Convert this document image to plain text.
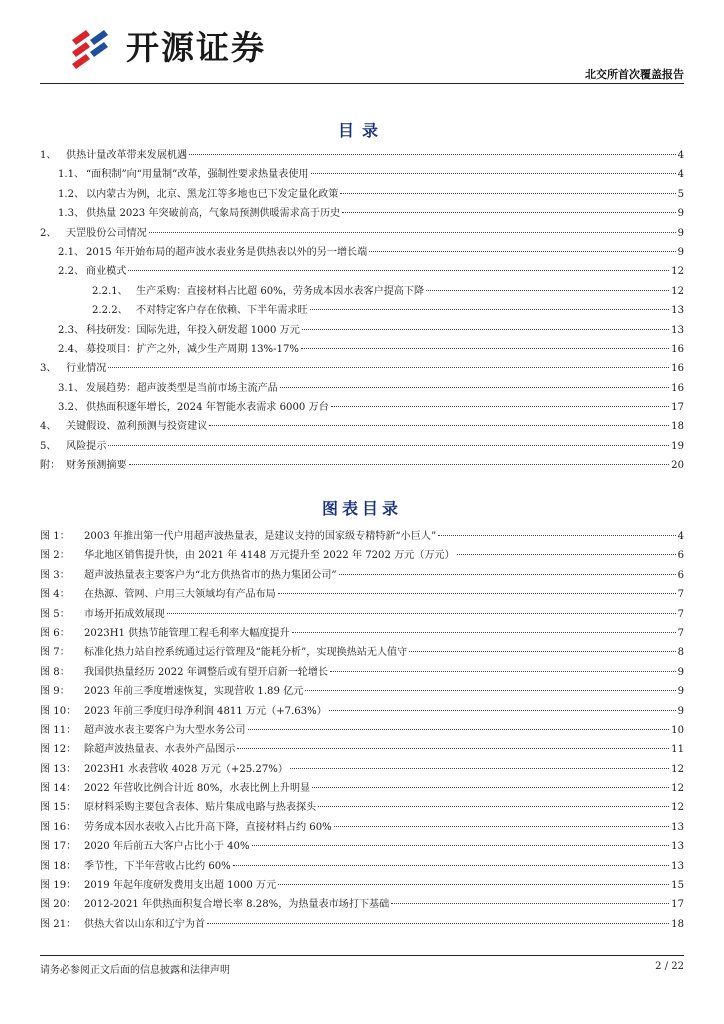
开源证券
北交所首次覆盖报告
目录
1、 供热计量改革带来发展机遇	4
1.1、 “面积制”向“用量制”改革，强制性要求热量表使用	4
1.2、 以内蒙古为例，北京、黑龙江等多地也已下发定量化政策	5
1.3、 供热量 2023 年突破前高，气象局预测供暖需求高于历史	9
2、 天罡股份公司情况	9
2.1、 2015 年开始布局的超声波水表业务是供热表以外的另一增长端	9
2.2、 商业模式	12
2.2.1、 生产采购：直接材料占比超 60%，劳务成本因水表客户提高下降	12
2.2.2、 不对特定客户存在依赖、下半年需求旺	13
2.3、 科技研发：国际先进，年投入研发超 1000 万元	13
2.4、 募投项目：扩产之外，减少生产周期 13%-17%	16
3、 行业情况	16
3.1、 发展趋势：超声波类型是当前市场主流产品	16
3.2、 供热面积逐年增长，2024 年智能水表需求 6000 万台	17
4、 关键假设、盈利预测与投资建议	18
5、 风险提示	19
附： 财务预测摘要	20
图表目录
图 1：	2003 年推出第一代户用超声波热量表，是建议支持的国家级专精特新“小巨人”	4
图 2：	华北地区销售提升快，由 2021 年 4148 万元提升至 2022 年 7202 万元（万元）	6
图 3：	超声波热量表主要客户为“北方供热省市的热力集团公司”	6
图 4：	在热源、管网、户用三大领域均有产品布局	7
图 5：	市场开拓成效展现	7
图 6：	2023H1 供热节能管理工程毛利率大幅度提升	7
图 7：	标准化热力站自控系统通过运行管理及“能耗分析”，实现换热站无人值守	8
图 8：	我国供热量经历 2022 年调整后或有望开启新一轮增长	9
图 9：	2023 年前三季度增速恢复，实现营收 1.89 亿元	9
图 10： 2023 年前三季度归母净利润 4811 万元（+7.63%）	9
图 11： 超声波水表主要客户为大型水务公司	10
图 12： 除超声波热量表、水表外产品图示	11
图 13： 2023H1 水表营收 4028 万元（+25.27%）	12
图 14： 2022 年营收比例合计近 80%，水表比例上升明显	12
图 15： 原材料采购主要包含表体、贴片集成电路与热表探头	12
图 16： 劳务成本因水表收入占比升高下降，直接材料占约 60%	13
图 17： 2020 年后前五大客户占比小于 40%	13
图 18： 季节性，下半年营收占比约 60%	13
图 19： 2019 年起年度研发费用支出超 1000 万元	15
图 20： 2012-2021 年供热面积复合增长率 8.28%，为热量表市场打下基础	17
图 21： 供热大省以山东和辽宁为首	18
请务必参阅正文后面的信息披露和法律声明	2 / 22
